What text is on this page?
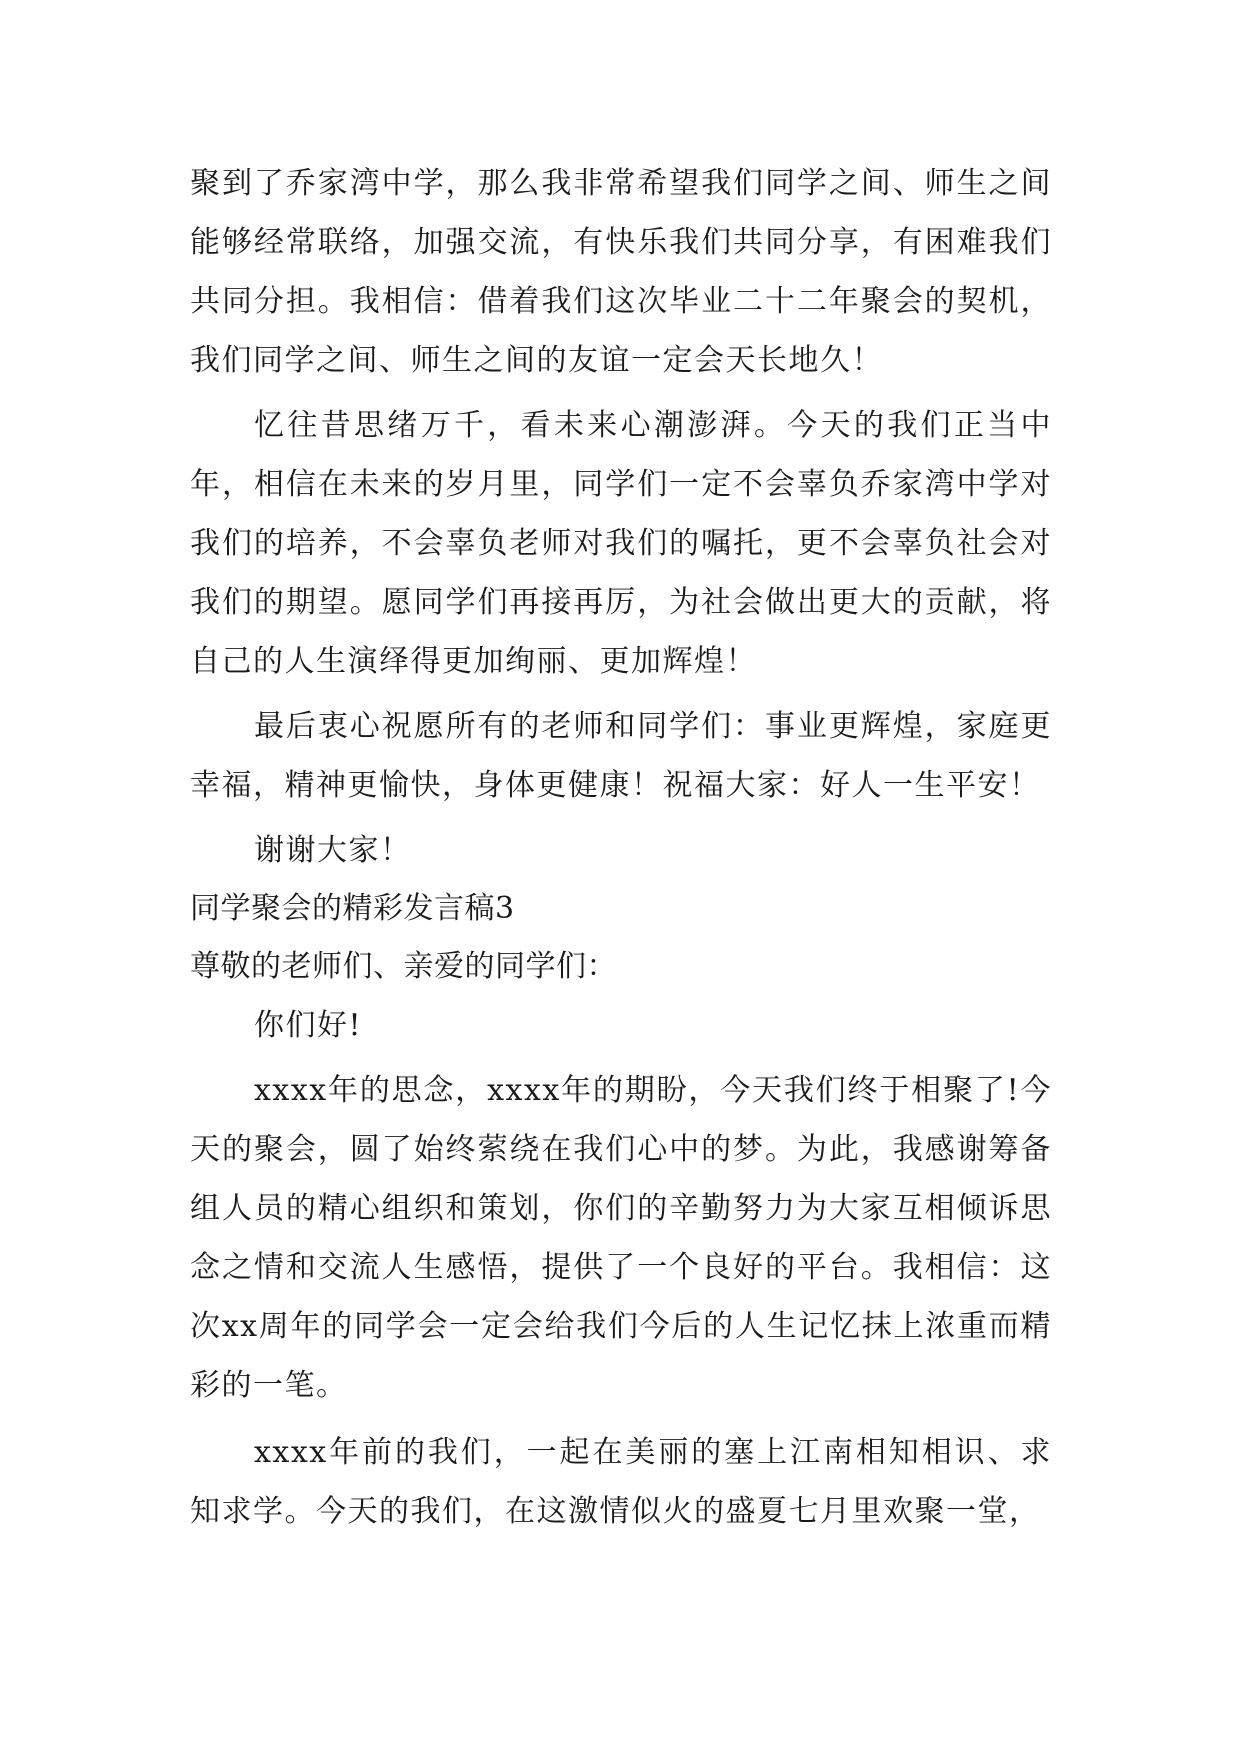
聚到了乔家湾中学，那么我非常希望我们同学之间、师生之间能够经常联络，加强交流，有快乐我们共同分享，有困难我们共同分担。我相信：借着我们这次毕业二十二年聚会的契机，我们同学之间、师生之间的友谊一定会天长地久！

忆往昔思绪万千，看未来心潮澎湃。今天的我们正当中年，相信在未来的岁月里，同学们一定不会辜负乔家湾中学对我们的培养，不会辜负老师对我们的嘱托，更不会辜负社会对我们的期望。愿同学们再接再厉，为社会做出更大的贡献，将自己的人生演绎得更加绚丽、更加辉煌！

最后衷心祝愿所有的老师和同学们：事业更辉煌，家庭更幸福，精神更愉快，身体更健康！祝福大家：好人一生平安！

谢谢大家！

同学聚会的精彩发言稿3

尊敬的老师们、亲爱的同学们：

你们好!

xxxx年的思念，xxxx年的期盼，今天我们终于相聚了!今天的聚会，圆了始终萦绕在我们心中的梦。为此，我感谢筹备组人员的精心组织和策划，你们的辛勤努力为大家互相倾诉思念之情和交流人生感悟，提供了一个良好的平台。我相信：这次xx周年的同学会一定会给我们今后的人生记忆抹上浓重而精彩的一笔。

xxxx年前的我们，一起在美丽的塞上江南相知相识、求知求学。今天的我们，在这激情似火的盛夏七月里欢聚一堂，
